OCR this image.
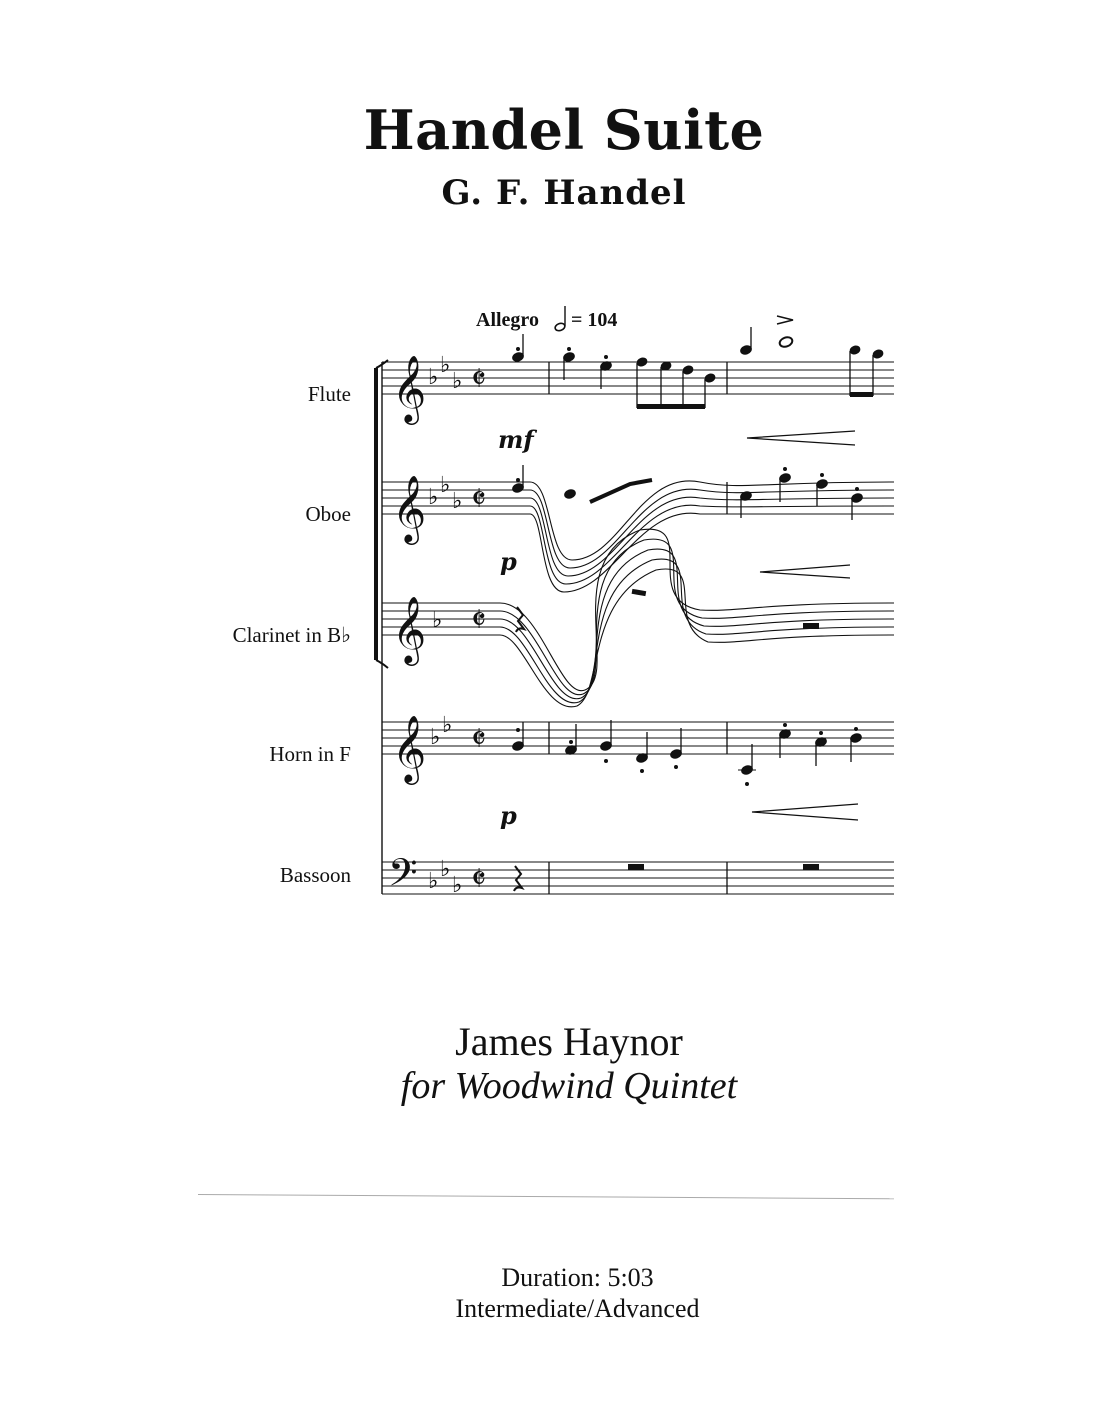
Handel Suite
G. F. Handel
Allegro = 104
Flute
Oboe
Clarinet in B♭
Horn in F
Bassoon
𝄞
𝄞
𝄞
𝄞
𝄢
♭ ♭
♭
♭ ♭
♭
♭
♭ ♭
♭ ♭
♭
𝄵
𝄵
𝄵
𝄵
𝄵
mf
p
p
James Haynor
for Woodwind Quintet
Duration: 5:03
Intermediate/Advanced
